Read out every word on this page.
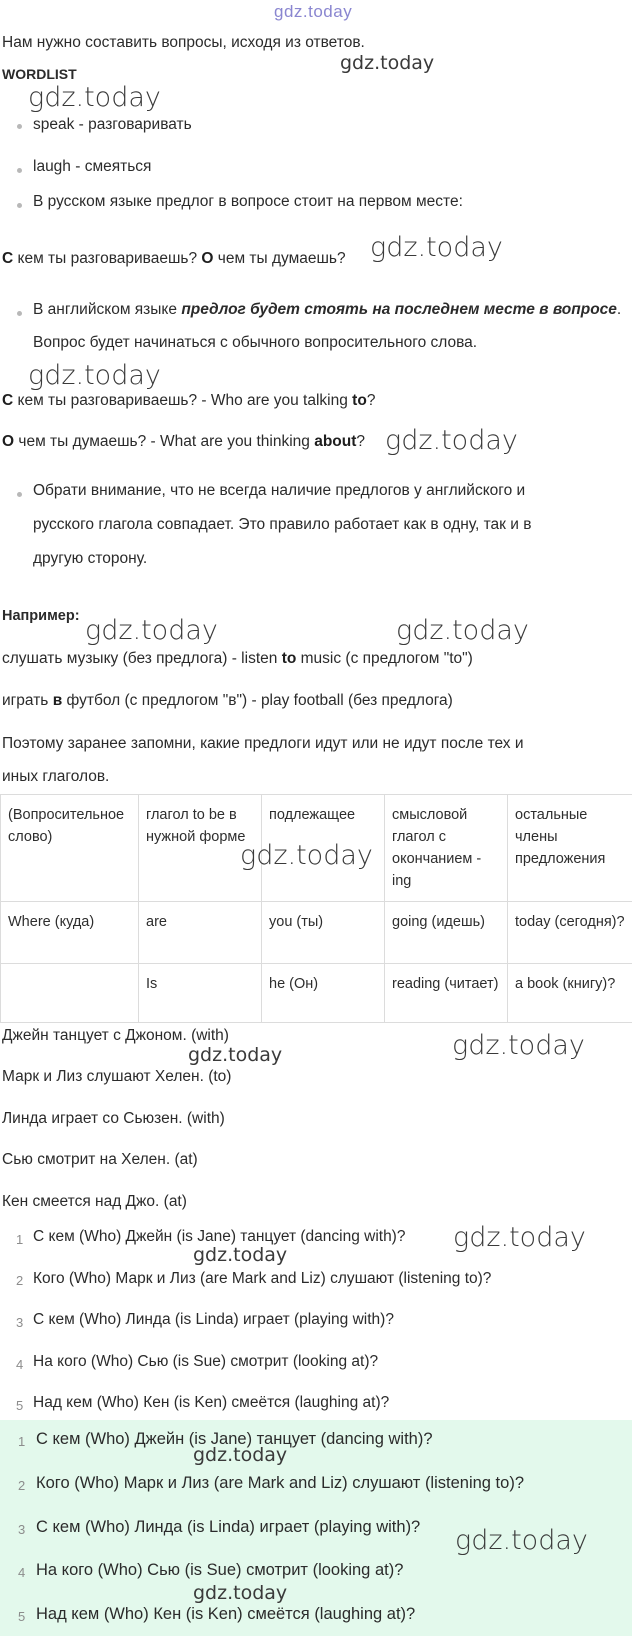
gdz.today
Нам нужно составить вопросы, исходя из ответов.
WORDLIST	gdz.today
gdz.today
gdz.today
gdz.today
gdz.today
gdz.today	gdz.today
gdz.today
gdz.today
gdz.today
gdz.today
speak - разговаривать
laugh - смеяться
В русском языке предлог в вопросе стоит на первом месте:
С кем ты разговариваешь? О чем ты думаешь?
В английском языке предлог будет стоять на последнем месте в вопросе.
Вопрос будет начинаться с обычного вопросительного слова.
С кем ты разговариваешь? - Who are you talking to?
О чем ты думаешь? - What are you thinking about?
Обрати внимание, что не всегда наличие предлогов у английского и
русского глагола совпадает. Это правило работает как в одну, так и в
другую сторону.
Например:
слушать музыку (без предлога) - listen to music (с предлогом "to")
играть в футбол (с предлогом "в") - play football (без предлога)
Поэтому заранее запомни, какие предлоги идут или не идут после тех и
иных глаголов.
(Вопросительное слово)	глагол to be в нужной форме	подлежащее	смысловой глагол с окончанием - ing	остальные члены предложения
Where (куда)	are	you (ты)	going (идешь)	today (сегодня)?
	Is	he (Он)	reading (читает)	a book (книгу)?
gdz.today
Джейн танцует с Джоном. (with)
Марк и Лиз слушают Хелен. (to)
Линда играет со Сьюзен. (with)
Сью смотрит на Хелен. (at)
Кен смеется над Джо. (at)
1 С кем (Who) Джейн (is Jane) танцует (dancing with)?
2 Кого (Who) Марк и Лиз (are Mark and Liz) слушают (listening to)?
3 С кем (Who) Линда (is Linda) играет (playing with)?
4 На кого (Who) Сью (is Sue) смотрит (looking at)?
5 Над кем (Who) Кен (is Ken) смеётся (laughing at)?
1 С кем (Who) Джейн (is Jane) танцует (dancing with)?
2 Кого (Who) Марк и Лиз (are Mark and Liz) слушают (listening to)?
3 С кем (Who) Линда (is Linda) играет (playing with)?
4 На кого (Who) Сью (is Sue) смотрит (looking at)?
5 Над кем (Who) Кен (is Ken) смеётся (laughing at)?
gdz.today
gdz.today
gdz.today
